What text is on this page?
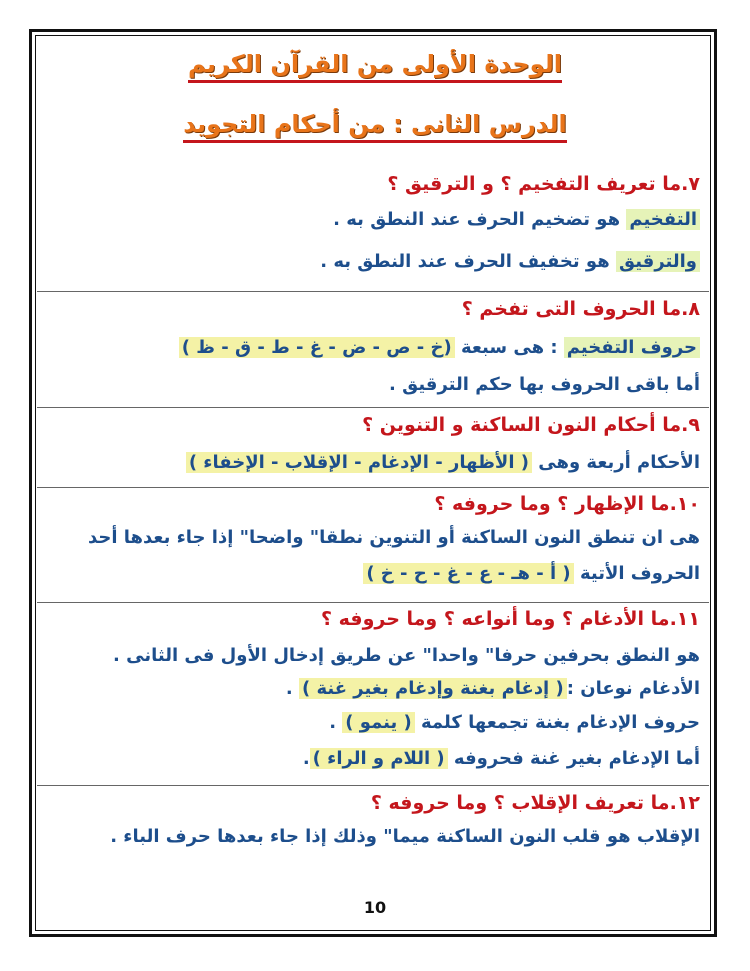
الوحدة الأولى من القرآن الكريم
الدرس الثانى : من أحكام التجويد
٧.ما تعريف التفخيم ؟ و الترقيق ؟
التفخيم هو تضخيم الحرف عند النطق به .
والترقيق هو تخفيف الحرف عند النطق به .
٨.ما الحروف التى تفخم ؟
حروف التفخيم : هى سبعة (خ - ص - ض - غ - ط - ق - ظ )
أما باقى الحروف بها حكم الترقيق .
٩.ما أحكام النون الساكنة و التنوين ؟
الأحكام أربعة وهى ( الأظهار - الإدغام - الإقلاب - الإخفاء )
١٠.ما الإظهار ؟ وما حروفه ؟
هى ان تنطق النون الساكنة أو التنوين نطقا" واضحا" إذا جاء بعدها أحد
الحروف الأتية ( أ - هـ - ع - غ - ح - خ )
١١.ما الأدغام ؟ وما أنواعه ؟ وما حروفه ؟
هو النطق بحرفين حرفا" واحدا" عن طريق إدخال الأول فى الثانى .
الأدغام نوعان :( إدغام بغنة وإدغام بغير غنة ) .
حروف الإدغام بغنة تجمعها كلمة ( ينمو ) .
أما الإدغام بغير غنة فحروفه ( اللام و الراء ).
١٢.ما تعريف الإقلاب ؟ وما حروفه ؟
الإقلاب هو قلب النون الساكنة ميما" وذلك إذا جاء بعدها حرف الباء .
10
